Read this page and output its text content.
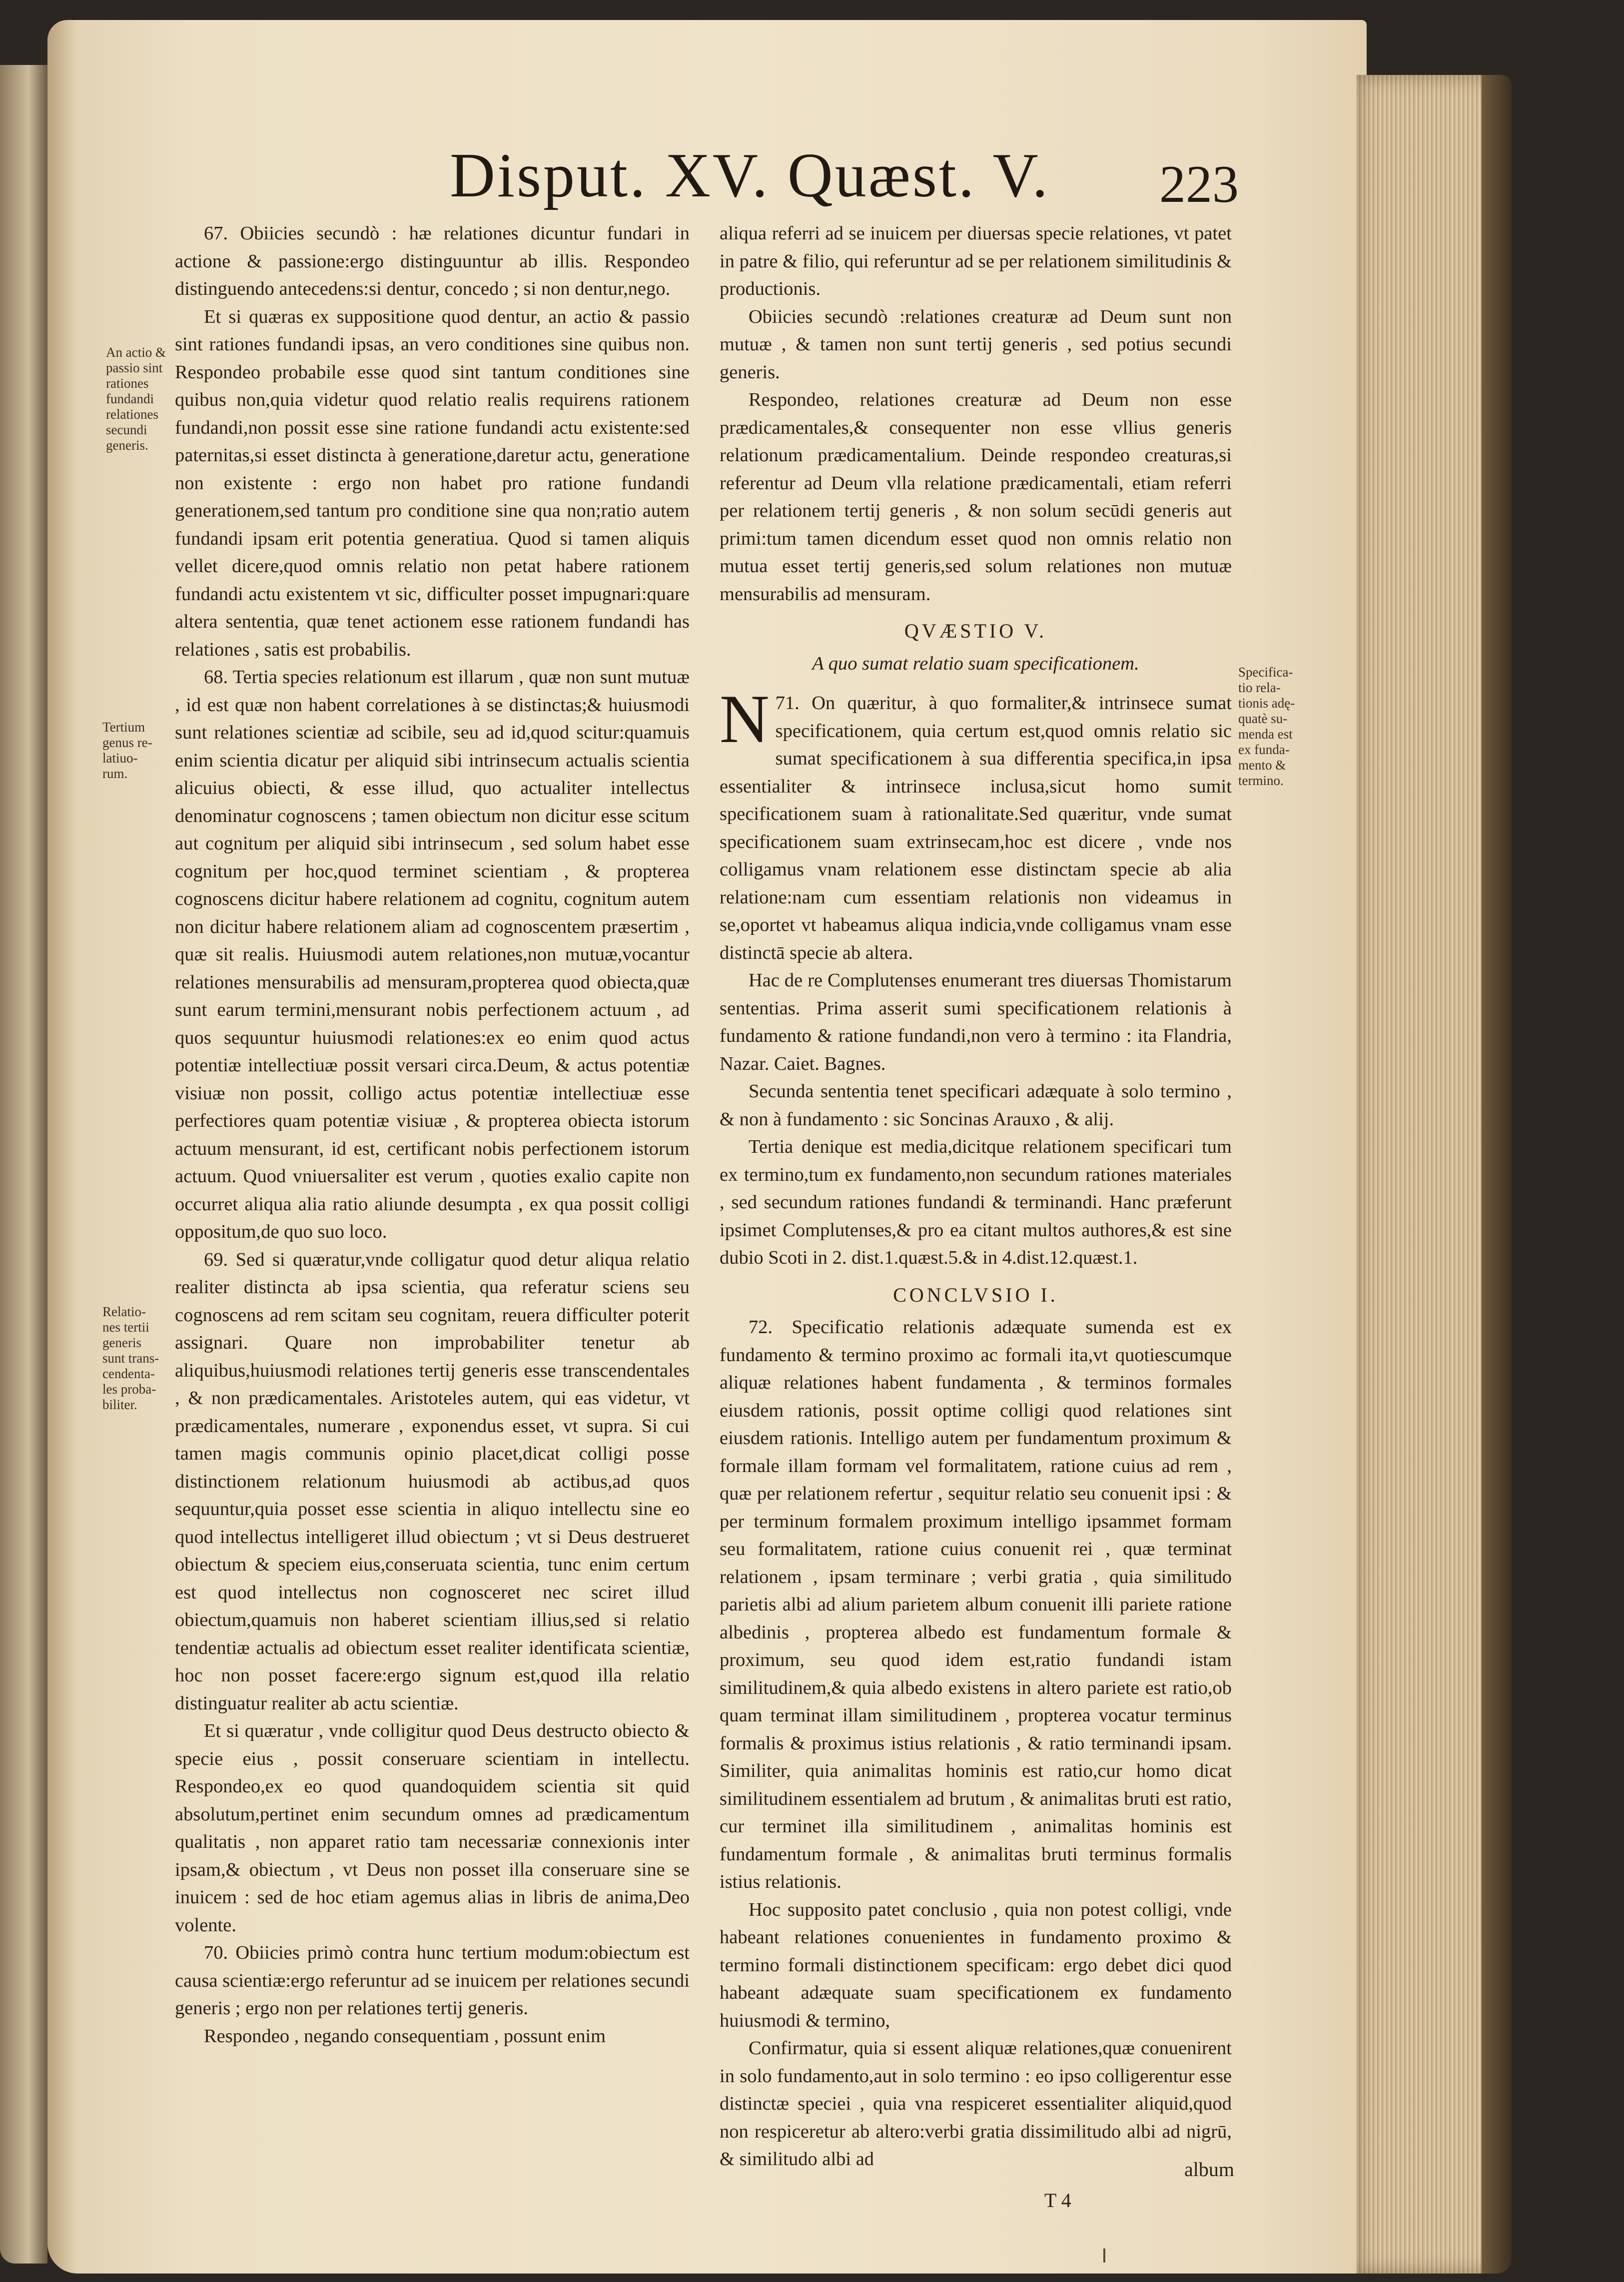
Disput. XV. Quæst. V. 223

67. Obiicies secundò : hæ relationes dicuntur fundari in actione & passione:ergo distinguuntur ab illis. Respondeo distinguendo antecedens:si dentur, concedo ; si non dentur,nego.

Et si quæras ex suppositione quod dentur, an actio & passio sint rationes fundandi ipsas, an vero conditiones sine quibus non. Respondeo probabile esse quod sint tantum conditiones sine quibus non,quia videtur quod relatio realis requirens rationem fundandi,non possit esse sine ratione fundandi actu existente:sed paternitas,si esset distincta à generatione,daretur actu, generatione non existente : ergo non habet pro ratione fundandi generationem,sed tantum pro conditione sine qua non;ratio autem fundandi ipsam erit potentia generatiua. Quod si tamen aliquis vellet dicere,quod omnis relatio non petat habere rationem fundandi actu existentem vt sic, difficulter posset impugnari:quare altera sententia, quæ tenet actionem esse rationem fundandi has relationes , satis est probabilis.

68. Tertia species relationum est illarum , quæ non sunt mutuæ , id est quæ non habent correlationes à se distinctas;& huiusmodi sunt relationes scientiæ ad scibile, seu ad id,quod scitur:quamuis enim scientia dicatur per aliquid sibi intrinsecum actualis scientia alicuius obiecti, & esse illud, quo actualiter intellectus denominatur cognoscens ; tamen obiectum non dicitur esse scitum aut cognitum per aliquid sibi intrinsecum , sed solum habet esse cognitum per hoc,quod terminet scientiam , & propterea cognoscens dicitur habere relationem ad cognitu, cognitum autem non dicitur habere relationem aliam ad cognoscentem præsertim , quæ sit realis. Huiusmodi autem relationes,non mutuæ,vocantur relationes mensurabilis ad mensuram,propterea quod obiecta,quæ sunt earum termini,mensurant nobis perfectionem actuum , ad quos sequuntur huiusmodi relationes:ex eo enim quod actus potentiæ intellectiuæ possit versari circa.Deum, & actus potentiæ visiuæ non possit, colligo actus potentiæ intellectiuæ esse perfectiores quam potentiæ visiuæ , & propterea obiecta istorum actuum mensurant, id est, certificant nobis perfectionem istorum actuum. Quod vniuersaliter est verum , quoties exalio capite non occurret aliqua alia ratio aliunde desumpta , ex qua possit colligi oppositum,de quo suo loco.

69. Sed si quæratur,vnde colligatur quod detur aliqua relatio realiter distincta ab ipsa scientia, qua referatur sciens seu cognoscens ad rem scitam seu cognitam, reuera difficulter poterit assignari. Quare non improbabiliter tenetur ab aliquibus,huiusmodi relationes tertij generis esse transcendentales , & non prædicamentales. Aristoteles autem, qui eas videtur, vt prædicamentales, numerare , exponendus esset, vt supra. Si cui tamen magis communis opinio placet,dicat colligi posse distinctionem relationum huiusmodi ab actibus,ad quos sequuntur,quia posset esse scientia in aliquo intellectu sine eo quod intellectus intelligeret illud obiectum ; vt si Deus destrueret obiectum & speciem eius,conseruata scientia, tunc enim certum est quod intellectus non cognosceret nec sciret illud obiectum,quamuis non haberet scientiam illius,sed si relatio tendentiæ actualis ad obiectum esset realiter identificata scientiæ, hoc non posset facere:ergo signum est,quod illa relatio distinguatur realiter ab actu scientiæ.

Et si quæratur , vnde colligitur quod Deus destructo obiecto & specie eius , possit conseruare scientiam in intellectu. Respondeo,ex eo quod quandoquidem scientia sit quid absolutum,pertinet enim secundum omnes ad prædicamentum qualitatis , non apparet ratio tam necessariæ connexionis inter ipsam,& obiectum , vt Deus non posset illa conseruare sine se inuicem : sed de hoc etiam agemus alias in libris de anima,Deo volente.

70. Obiicies primò contra hunc tertium modum:obiectum est causa scientiæ:ergo referuntur ad se inuicem per relationes secundi generis ; ergo non per relationes tertij generis.

Respondeo , negando consequentiam , possunt enim

aliqua referri ad se inuicem per diuersas specie relationes, vt patet in patre & filio, qui referuntur ad se per relationem similitudinis & productionis.

Obiicies secundò :relationes creaturæ ad Deum sunt non mutuæ , & tamen non sunt tertij generis , sed potius secundi generis.

Respondeo, relationes creaturæ ad Deum non esse prædicamentales,& consequenter non esse vllius generis relationum prædicamentalium. Deinde respondeo creaturas,si referentur ad Deum vlla relatione prædicamentali, etiam referri per relationem tertij generis , & non solum secūdi generis aut primi:tum tamen dicendum esset quod non omnis relatio non mutua esset tertij generis,sed solum relationes non mutuæ mensurabilis ad mensuram.

QVÆSTIO V.

A quo sumat relatio suam specificationem.

N 71. On quæritur, à quo formaliter,& intrinsece sumat specificationem, quia certum est,quod omnis relatio sic sumat specificationem à sua differentia specifica,in ipsa essentialiter & intrinsece inclusa,sicut homo sumit specificationem suam à rationalitate.Sed quæritur, vnde sumat specificationem suam extrinsecam,hoc est dicere , vnde nos colligamus vnam relationem esse distinctam specie ab alia relatione:nam cum essentiam relationis non videamus in se,oportet vt habeamus aliqua indicia,vnde colligamus vnam esse distinctā specie ab altera.

Hac de re Complutenses enumerant tres diuersas Thomistarum sententias. Prima asserit sumi specificationem relationis à fundamento & ratione fundandi,non vero à termino : ita Flandria, Nazar. Caiet. Bagnes.

Secunda sententia tenet specificari adæquate à solo termino , & non à fundamento : sic Soncinas Arauxo , & alij.

Tertia denique est media,dicitque relationem specificari tum ex termino,tum ex fundamento,non secundum rationes materiales , sed secundum rationes fundandi & terminandi. Hanc præferunt ipsimet Complutenses,& pro ea citant multos authores,& est sine dubio Scoti in 2. dist.1.quæst.5.& in 4.dist.12.quæst.1.

CONCLVSIO I.

72. Specificatio relationis adæquate sumenda est ex fundamento & termino proximo ac formali ita,vt quotiescumque aliquæ relationes habent fundamenta , & terminos formales eiusdem rationis, possit optime colligi quod relationes sint eiusdem rationis. Intelligo autem per fundamentum proximum & formale illam formam vel formalitatem, ratione cuius ad rem , quæ per relationem refertur , sequitur relatio seu conuenit ipsi : & per terminum formalem proximum intelligo ipsammet formam seu formalitatem, ratione cuius conuenit rei , quæ terminat relationem , ipsam terminare ; verbi gratia , quia similitudo parietis albi ad alium parietem album conuenit illi pariete ratione albedinis , propterea albedo est fundamentum formale & proximum, seu quod idem est,ratio fundandi istam similitudinem,& quia albedo existens in altero pariete est ratio,ob quam terminat illam similitudinem , propterea vocatur terminus formalis & proximus istius relationis , & ratio terminandi ipsam. Similiter, quia animalitas hominis est ratio,cur homo dicat similitudinem essentialem ad brutum , & animalitas bruti est ratio, cur terminet illa similitudinem , animalitas hominis est fundamentum formale , & animalitas bruti terminus formalis istius relationis.

Hoc supposito patet conclusio , quia non potest colligi, vnde habeant relationes conuenientes in fundamento proximo & termino formali distinctionem specificam: ergo debet dici quod habeant adæquate suam specificationem ex fundamento huiusmodi & termino,

Confirmatur, quia si essent aliquæ relationes,quæ conuenirent in solo fundamento,aut in solo termino : eo ipso colligerentur esse distinctæ speciei , quia vna respiceret essentialiter aliquid,quod non respiceretur ab altero:verbi gratia dissimilitudo albi ad nigrū, & similitudo albi ad

An actio &
passio sint
rationes
fundandi
relationes
secundi
generis.
Tertium
genus re-
latiuo-
rum.
Relatio-
nes tertii
generis
sunt trans-
cendenta-
les proba-
biliter.
Specifica-
tio rela-
tionis adę-
quatè su-
menda est
ex funda-
mento &
termino.
album
T 4
